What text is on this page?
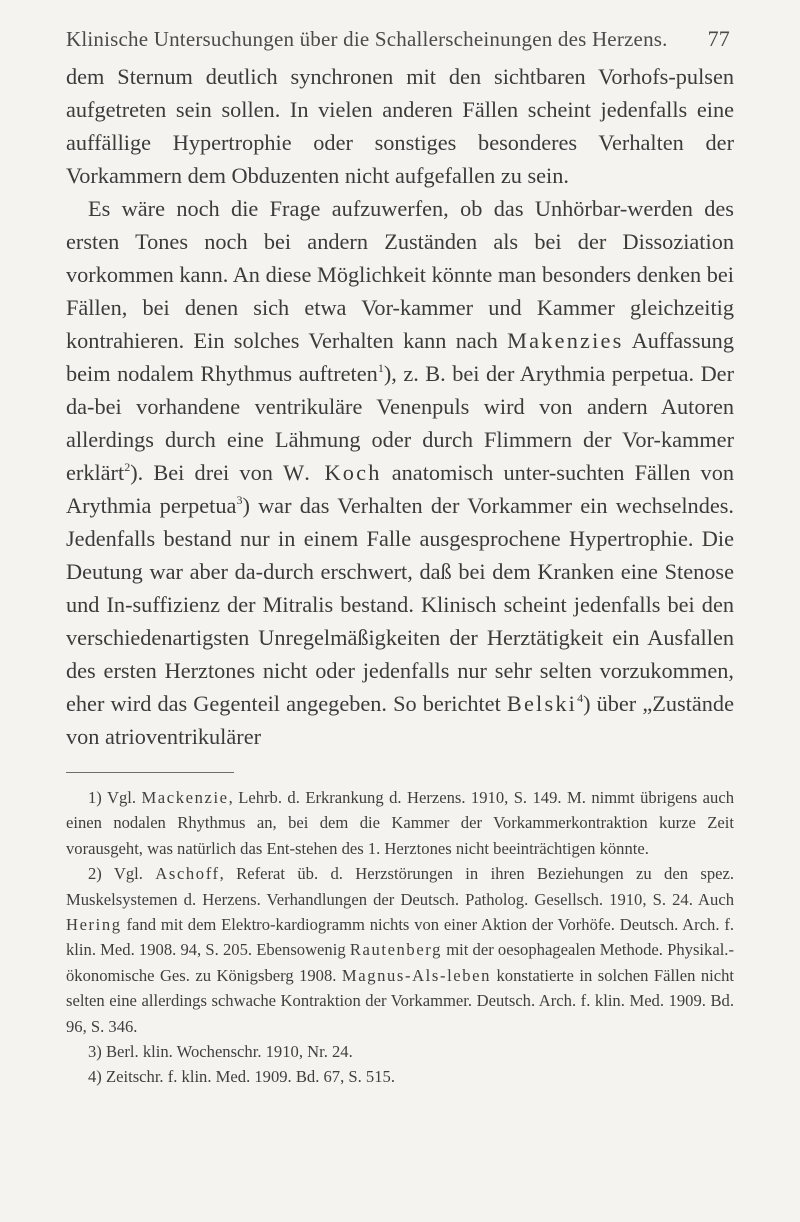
Klinische Untersuchungen über die Schallerscheinungen des Herzens. 77

dem Sternum deutlich synchronen mit den sichtbaren Vorhofs-pulsen aufgetreten sein sollen. In vielen anderen Fällen scheint jedenfalls eine auffällige Hypertrophie oder sonstiges besonderes Verhalten der Vorkammern dem Obduzenten nicht aufgefallen zu sein.

Es wäre noch die Frage aufzuwerfen, ob das Unhörbar-werden des ersten Tones noch bei andern Zuständen als bei der Dissoziation vorkommen kann. An diese Möglichkeit könnte man besonders denken bei Fällen, bei denen sich etwa Vor-kammer und Kammer gleichzeitig kontrahieren. Ein solches Verhalten kann nach Makenzies Auffassung beim nodalem Rhythmus auftreten$^1$), z. B. bei der Arythmia perpetua. Der da-bei vorhandene ventrikuläre Venenpuls wird von andern Autoren allerdings durch eine Lähmung oder durch Flimmern der Vor-kammer erklärt$^2$). Bei drei von W. Koch anatomisch unter-suchten Fällen von Arythmia perpetua$^3$) war das Verhalten der Vorkammer ein wechselndes. Jedenfalls bestand nur in einem Falle ausgesprochene Hypertrophie. Die Deutung war aber da-durch erschwert, daß bei dem Kranken eine Stenose und In-suffizienz der Mitralis bestand. Klinisch scheint jedenfalls bei den verschiedenartigsten Unregelmäßigkeiten der Herztätigkeit ein Ausfallen des ersten Herztones nicht oder jedenfalls nur sehr selten vorzukommen, eher wird das Gegenteil angegeben. So berichtet Belski$^4$) über „Zustände von atrioventrikulärer

1) Vgl. Mackenzie, Lehrb. d. Erkrankung d. Herzens. 1910, S. 149. M. nimmt übrigens auch einen nodalen Rhythmus an, bei dem die Kammer der Vorkammerkontraktion kurze Zeit vorausgeht, was natürlich das Ent-stehen des 1. Herztones nicht beeinträchtigen könnte.

2) Vgl. Aschoff, Referat üb. d. Herzstörungen in ihren Beziehungen zu den spez. Muskelsystemen d. Herzens. Verhandlungen der Deutsch. Patholog. Gesellsch. 1910, S. 24. Auch Hering fand mit dem Elektro-kardiogramm nichts von einer Aktion der Vorhöfe. Deutsch. Arch. f. klin. Med. 1908. 94, S. 205. Ebensowenig Rautenberg mit der oesophagealen Methode. Physikal.-ökonomische Ges. zu Königsberg 1908. Magnus-Als-leben konstatierte in solchen Fällen nicht selten eine allerdings schwache Kontraktion der Vorkammer. Deutsch. Arch. f. klin. Med. 1909. Bd. 96, S. 346.

3) Berl. klin. Wochenschr. 1910, Nr. 24.

4) Zeitschr. f. klin. Med. 1909. Bd. 67, S. 515.
